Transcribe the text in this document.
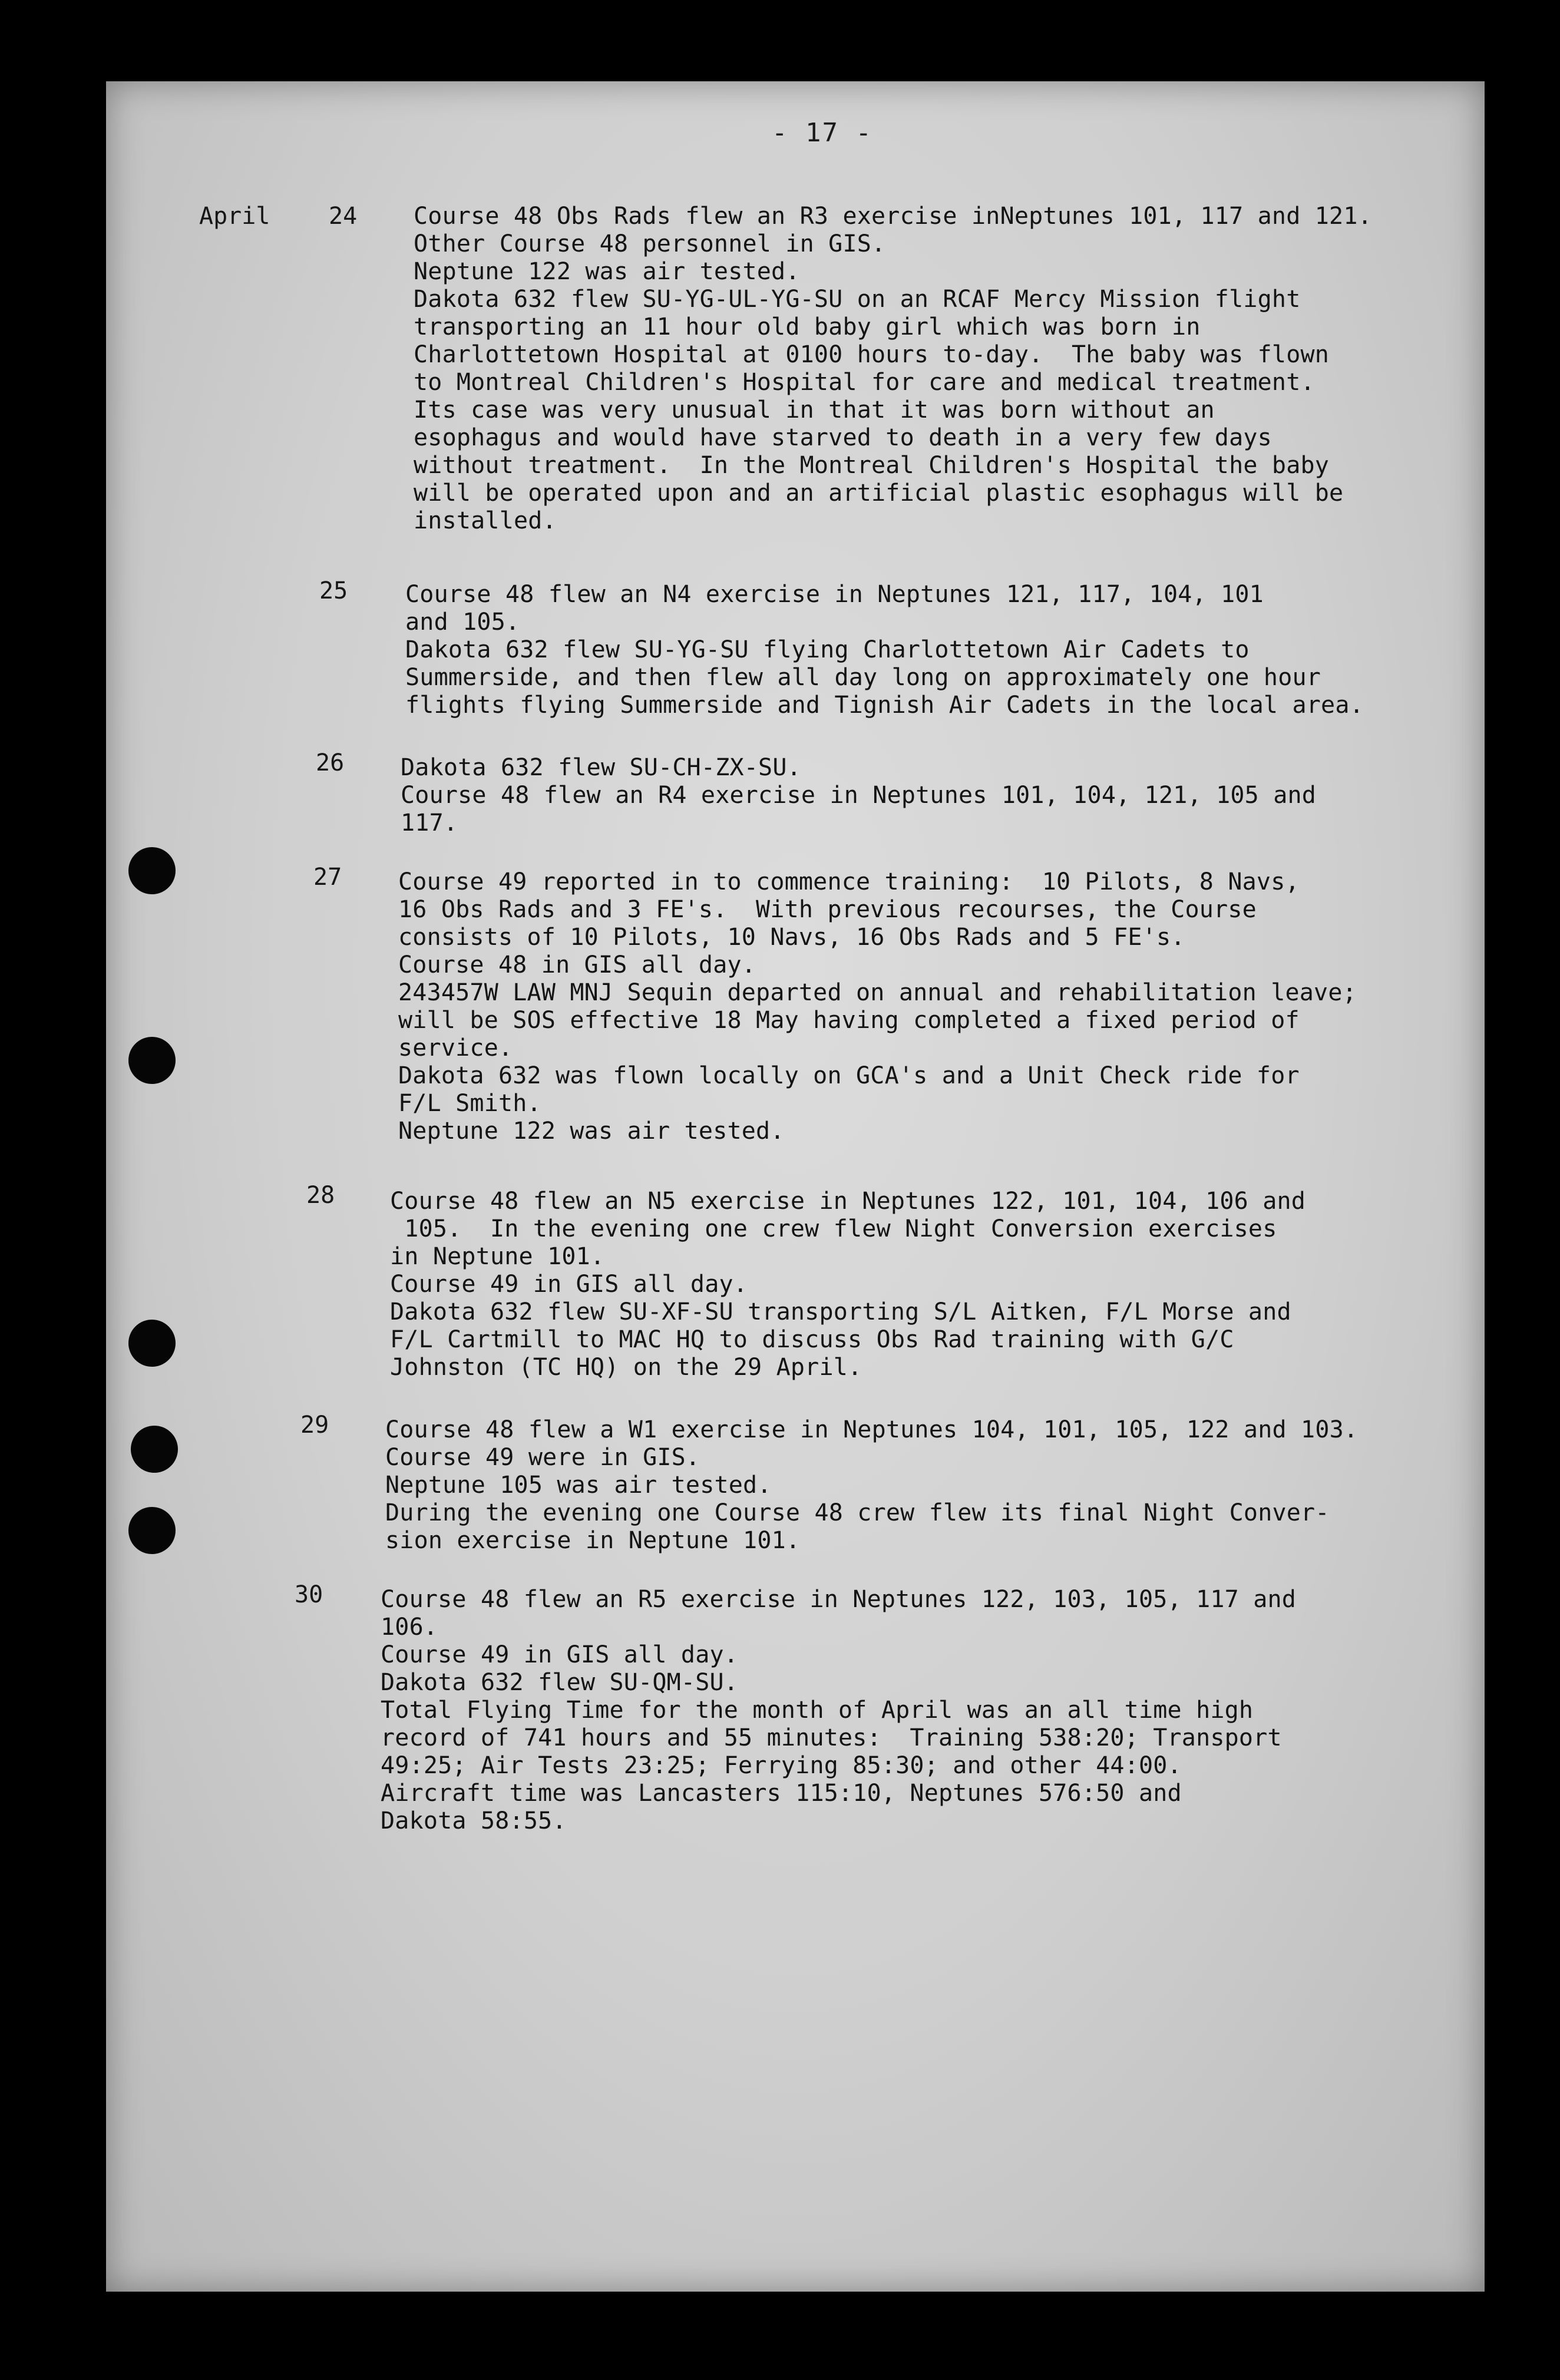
- 17 -
April 24 Course 48 Obs Rads flew an R3 exercise inNeptunes 101, 117 and 121.
Other Course 48 personnel in GIS.
Neptune 122 was air tested.
Dakota 632 flew SU-YG-UL-YG-SU on an RCAF Mercy Mission flight
transporting an 11 hour old baby girl which was born in
Charlottetown Hospital at 0100 hours to-day.  The baby was flown
to Montreal Children's Hospital for care and medical treatment.
Its case was very unusual in that it was born without an
esophagus and would have starved to death in a very few days
without treatment.  In the Montreal Children's Hospital the baby
will be operated upon and an artificial plastic esophagus will be
installed.
25 Course 48 flew an N4 exercise in Neptunes 121, 117, 104, 101
and 105.
Dakota 632 flew SU-YG-SU flying Charlottetown Air Cadets to
Summerside, and then flew all day long on approximately one hour
flights flying Summerside and Tignish Air Cadets in the local area.
26 Dakota 632 flew SU-CH-ZX-SU.
Course 48 flew an R4 exercise in Neptunes 101, 104, 121, 105 and
117.
27 Course 49 reported in to commence training:  10 Pilots, 8 Navs,
16 Obs Rads and 3 FE's.  With previous recourses, the Course
consists of 10 Pilots, 10 Navs, 16 Obs Rads and 5 FE's.
Course 48 in GIS all day.
243457W LAW MNJ Sequin departed on annual and rehabilitation leave;
will be SOS effective 18 May having completed a fixed period of
service.
Dakota 632 was flown locally on GCA's and a Unit Check ride for
F/L Smith.
Neptune 122 was air tested.
28 Course 48 flew an N5 exercise in Neptunes 122, 101, 104, 106 and
105.  In the evening one crew flew Night Conversion exercises
in Neptune 101.
Course 49 in GIS all day.
Dakota 632 flew SU-XF-SU transporting S/L Aitken, F/L Morse and
F/L Cartmill to MAC HQ to discuss Obs Rad training with G/C
Johnston (TC HQ) on the 29 April.
29 Course 48 flew a W1 exercise in Neptunes 104, 101, 105, 122 and 103.
Course 49 were in GIS.
Neptune 105 was air tested.
During the evening one Course 48 crew flew its final Night Conver-
sion exercise in Neptune 101.
30 Course 48 flew an R5 exercise in Neptunes 122, 103, 105, 117 and
106.
Course 49 in GIS all day.
Dakota 632 flew SU-QM-SU.
Total Flying Time for the month of April was an all time high
record of 741 hours and 55 minutes:  Training 538:20; Transport
49:25; Air Tests 23:25; Ferrying 85:30; and other 44:00.
Aircraft time was Lancasters 115:10, Neptunes 576:50 and
Dakota 58:55.
